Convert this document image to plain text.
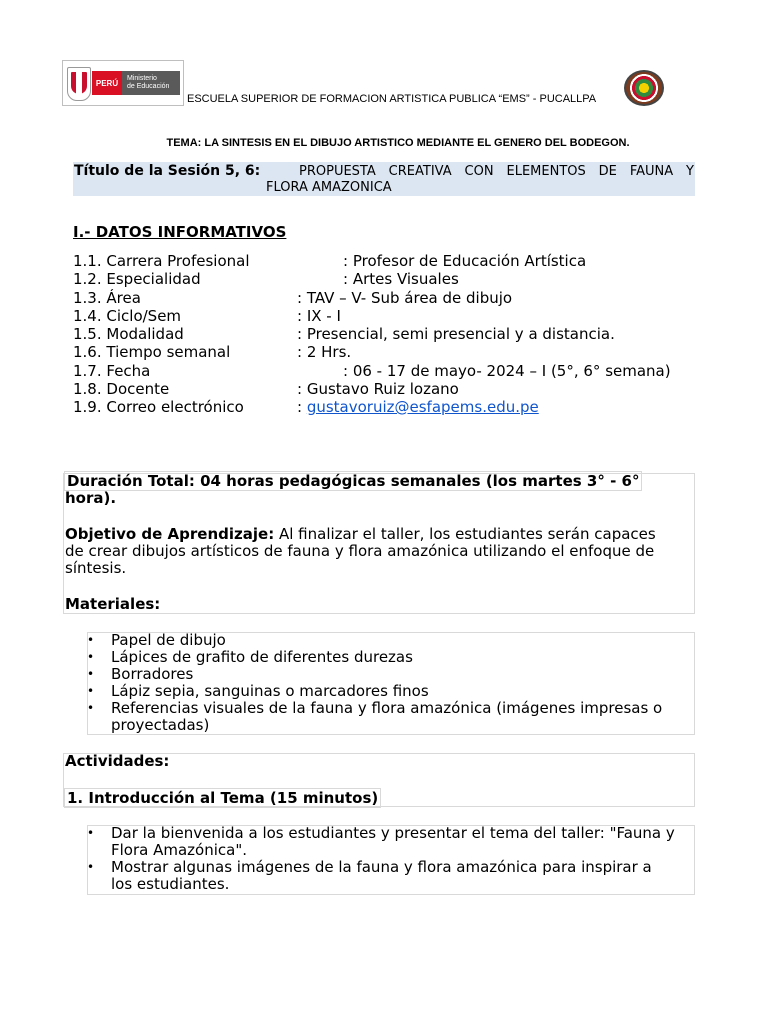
PERÚ	Ministerio
de Educación
ESCUELA SUPERIOR DE FORMACION ARTISTICA PUBLICA “EMS” - PUCALLPA
TEMA: LA SINTESIS EN EL DIBUJO ARTISTICO MEDIANTE EL GENERO DEL BODEGON.
Título de la Sesión 5, 6:	PROPUESTA CREATIVA CON ELEMENTOS DE FAUNA Y
FLORA AMAZONICA
I.- DATOS INFORMATIVOS
1.1. Carrera Profesional	: Profesor de Educación Artística
1.2. Especialidad	: Artes Visuales
1.3. Área	: TAV – V- Sub área de dibujo
1.4. Ciclo/Sem	: IX - I
1.5. Modalidad	: Presencial, semi presencial y a distancia.
1.6. Tiempo semanal	: 2 Hrs.
1.7. Fecha	: 06 - 17 de mayo- 2024 – I (5°, 6° semana)
1.8. Docente	: Gustavo Ruiz lozano
1.9. Correo electrónico	: gustavoruiz@esfapems.edu.pe
Duración Total: 04 horas pedagógicas semanales (los martes 3° - 6°
hora).
Objetivo de Aprendizaje: Al finalizar el taller, los estudiantes serán capaces
de crear dibujos artísticos de fauna y flora amazónica utilizando el enfoque de
síntesis.
Materiales:
• Papel de dibujo
• Lápices de grafito de diferentes durezas
• Borradores
• Lápiz sepia, sanguinas o marcadores finos
• Referencias visuales de la fauna y flora amazónica (imágenes impresas o
proyectadas)
Actividades:
1. Introducción al Tema (15 minutos)
• Dar la bienvenida a los estudiantes y presentar el tema del taller: "Fauna y
Flora Amazónica".
• Mostrar algunas imágenes de la fauna y flora amazónica para inspirar a
los estudiantes.
